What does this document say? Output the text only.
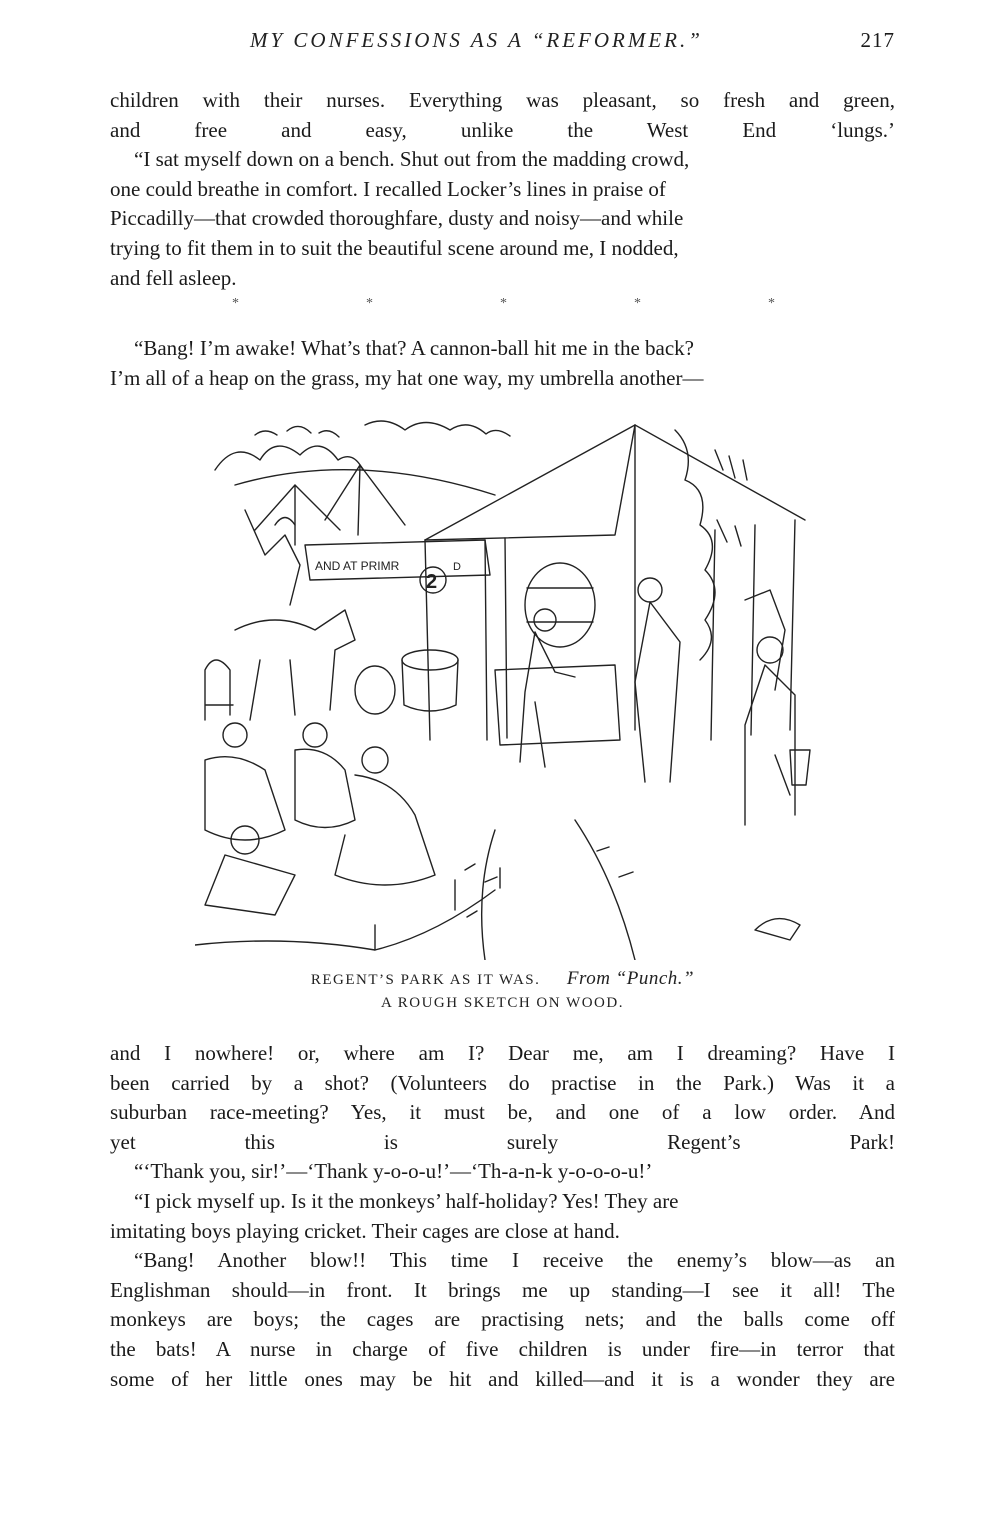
MY CONFESSIONS AS A “REFORMER.”	217

children with their nurses. Everything was pleasant, so fresh and green,
and free and easy, unlike the West End ‘lungs.’

“I sat myself down on a bench. Shut out from the madding crowd,
one could breathe in comfort. I recalled Locker’s lines in praise of
Piccadilly—that crowded thoroughfare, dusty and noisy—and while
trying to fit them in to suit the beautiful scene around me, I nodded,
and fell asleep.

*	*	*	*	*

“Bang! I’m awake! What’s that? A cannon-ball hit me in the back?
I’m all of a heap on the grass, my hat one way, my umbrella another—

AND AT PRIMR
2
D
REGENT’S PARK AS IT WAS. From “Punch.”
A ROUGH SKETCH ON WOOD.

and I nowhere! or, where am I? Dear me, am I dreaming? Have I
been carried by a shot? (Volunteers do practise in the Park.) Was it a
suburban race-meeting? Yes, it must be, and one of a low order. And
yet this is surely Regent’s Park!

“‘Thank you, sir!’—‘Thank y-o-o-u!’—‘Th-a-n-k y-o-o-o-u!’

“I pick myself up. Is it the monkeys’ half-holiday? Yes! They are
imitating boys playing cricket. Their cages are close at hand.

“Bang! Another blow!! This time I receive the enemy’s blow—as an
Englishman should—in front. It brings me up standing—I see it all! The
monkeys are boys; the cages are practising nets; and the balls come off
the bats! A nurse in charge of five children is under fire—in terror that
some of her little ones may be hit and killed—and it is a wonder they are
